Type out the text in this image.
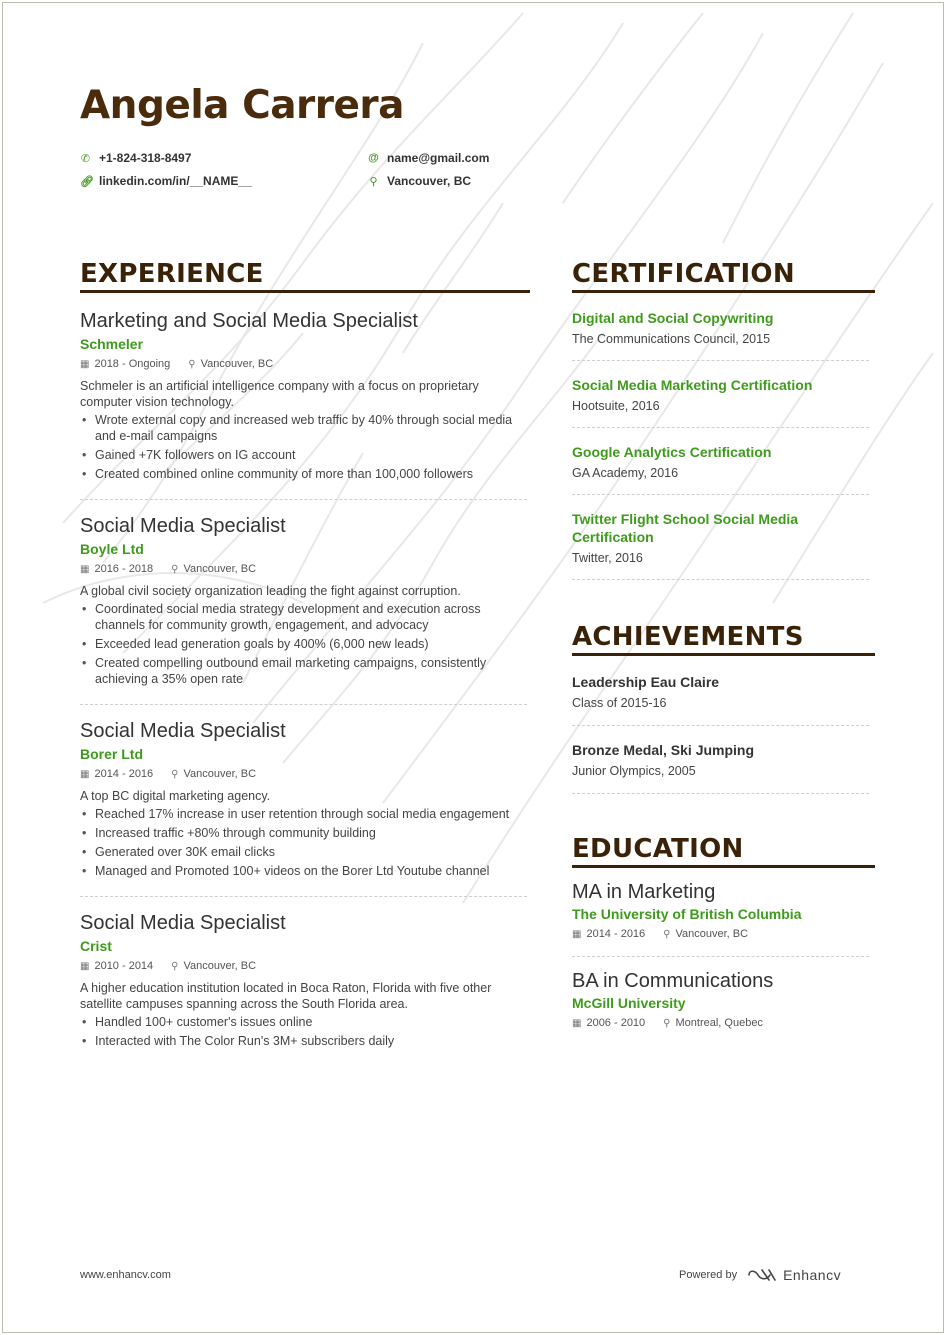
Angela Carrera
✆ +1-824-318-8497
🔗︎ linkedin.com/in/__NAME__
@ name@gmail.com
⚲ Vancouver, BC
EXPERIENCE
Marketing and Social Media Specialist
Schmeler
▦ 2018 - Ongoing ⚲ Vancouver, BC
Schmeler is an artificial intelligence company with a focus on proprietary computer vision technology.
• Wrote external copy and increased web traffic by 40% through social media and e-mail campaigns
• Gained +7K followers on IG account
• Created combined online community of more than 100,000 followers
Social Media Specialist
Boyle Ltd
▦ 2016 - 2018 ⚲ Vancouver, BC
A global civil society organization leading the fight against corruption.
• Coordinated social media strategy development and execution across channels for community growth, engagement, and advocacy
• Exceeded lead generation goals by 400% (6,000 new leads)
• Created compelling outbound email marketing campaigns, consistently achieving a 35% open rate
Social Media Specialist
Borer Ltd
▦ 2014 - 2016 ⚲ Vancouver, BC
A top BC digital marketing agency.
• Reached 17% increase in user retention through social media engagement
• Increased traffic +80% through community building
• Generated over 30K email clicks
• Managed and Promoted 100+ videos on the Borer Ltd Youtube channel
Social Media Specialist
Crist
▦ 2010 - 2014 ⚲ Vancouver, BC
A higher education institution located in Boca Raton, Florida with five other satellite campuses spanning across the South Florida area.
• Handled 100+ customer's issues online
• Interacted with The Color Run's 3M+ subscribers daily
CERTIFICATION
Digital and Social Copywriting
The Communications Council, 2015
Social Media Marketing Certification
Hootsuite, 2016
Google Analytics Certification
GA Academy, 2016
Twitter Flight School Social Media Certification
Twitter, 2016
ACHIEVEMENTS
Leadership Eau Claire
Class of 2015-16
Bronze Medal, Ski Jumping
Junior Olympics, 2005
EDUCATION
MA in Marketing
The University of British Columbia
▦ 2014 - 2016 ⚲ Vancouver, BC
BA in Communications
McGill University
▦ 2006 - 2010 ⚲ Montreal, Quebec
www.enhancv.com	Powered by	Enhancv
